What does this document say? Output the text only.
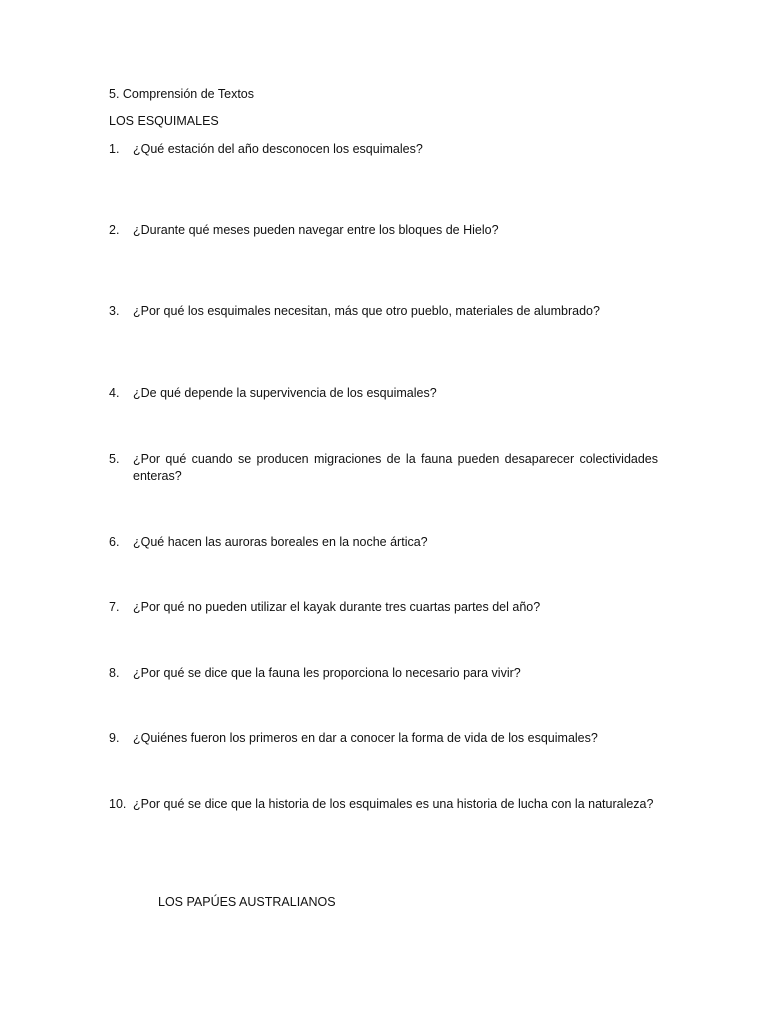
5. Comprensión de Textos
LOS ESQUIMALES
1.	¿Qué estación del año desconocen los esquimales?
2.	¿Durante qué meses pueden navegar entre los bloques de Hielo?
3.	¿Por qué los esquimales necesitan, más que otro pueblo, materiales de alumbrado?
4.	¿De qué depende la supervivencia de los esquimales?
5.	¿Por qué cuando se producen migraciones de la fauna pueden desaparecer colectividades enteras?
6.	¿Qué hacen las auroras boreales en la noche ártica?
7.	¿Por qué no pueden utilizar el kayak durante tres cuartas partes del año?
8.	¿Por qué se dice que la fauna les proporciona lo necesario para vivir?
9.	¿Quiénes fueron los primeros en dar a conocer la forma de vida de los esquimales?
10. ¿Por qué se dice que la historia de los esquimales es una historia de lucha con la naturaleza?
LOS PAPÚES AUSTRALIANOS
